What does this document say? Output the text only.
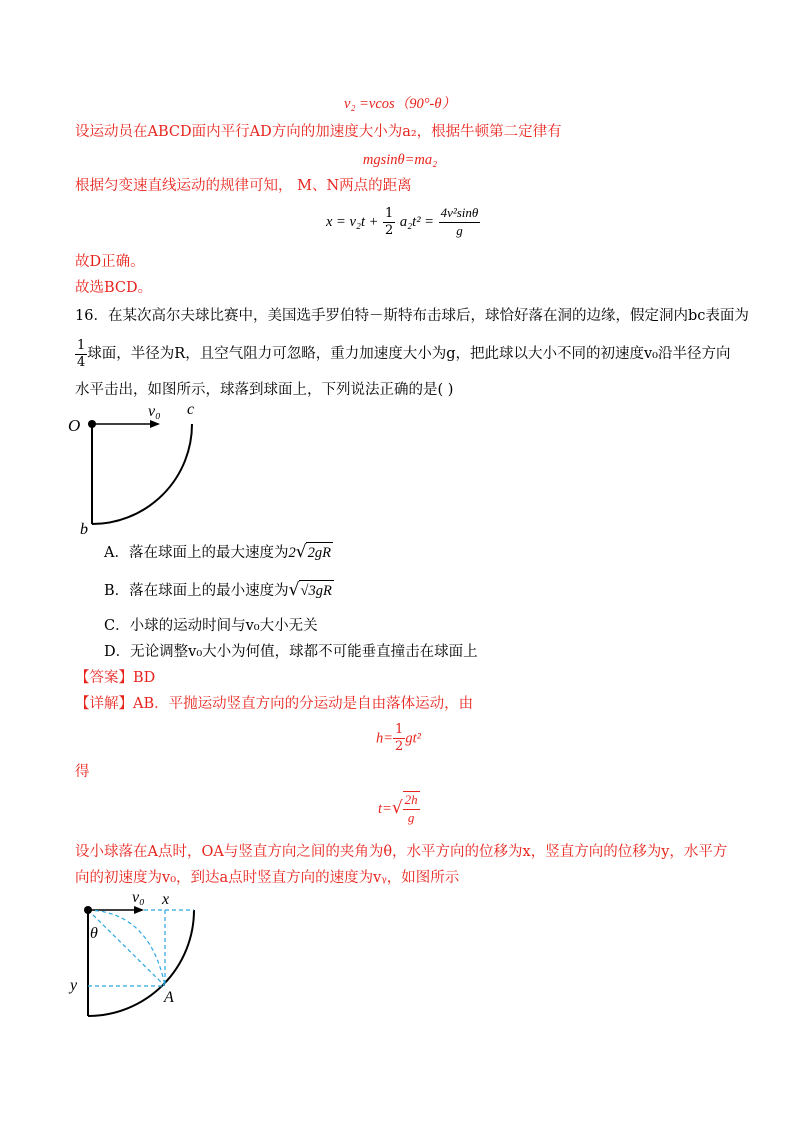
v₂ =vcos（90°-θ）
设运动员在ABCD面内平行AD方向的加速度大小为a₂，根据牛顿第二定律有
mgsinθ=ma₂
根据匀变速直线运动的规律可知， M、N两点的距离
$x = v_2t + \frac{1}{2} a_2t^2 = \frac{\text{4v²sinθ}}{g}$
故D正确。
故选BCD。
16．在某次高尔夫球比赛中，美国选手罗伯特－斯特布击球后，球恰好落在洞的边缘，假定洞内bc表面为
$\frac{1}{4}$ 球面，半径为R，且空气阻力可忽略，重力加速度大小为g，把此球以大小不同的初速度v₀沿半径方向
水平击出，如图所示，球落到球面上，下列说法正确的是( )
O
v₀ c
b
A．落在球面上的最大速度为2√2gR
B．落在球面上的最小速度为√√3gR
C．小球的运动时间与v₀大小无关
D．无论调整v₀大小为何值，球都不可能垂直撞击在球面上
【答案】BD
【详解】AB．平抛运动竖直方向的分运动是自由落体运动，由
$h= \frac{1}{2} gt^2$
得
$t=√ \frac{2h}{g}$
设小球落在A点时，OA与竖直方向之间的夹角为θ，水平方向的位移为x，竖直方向的位移为y，水平方
向的初速度为v₀，到达a点时竖直方向的速度为vᵧ，如图所示
v₀ x
θ
y
A
